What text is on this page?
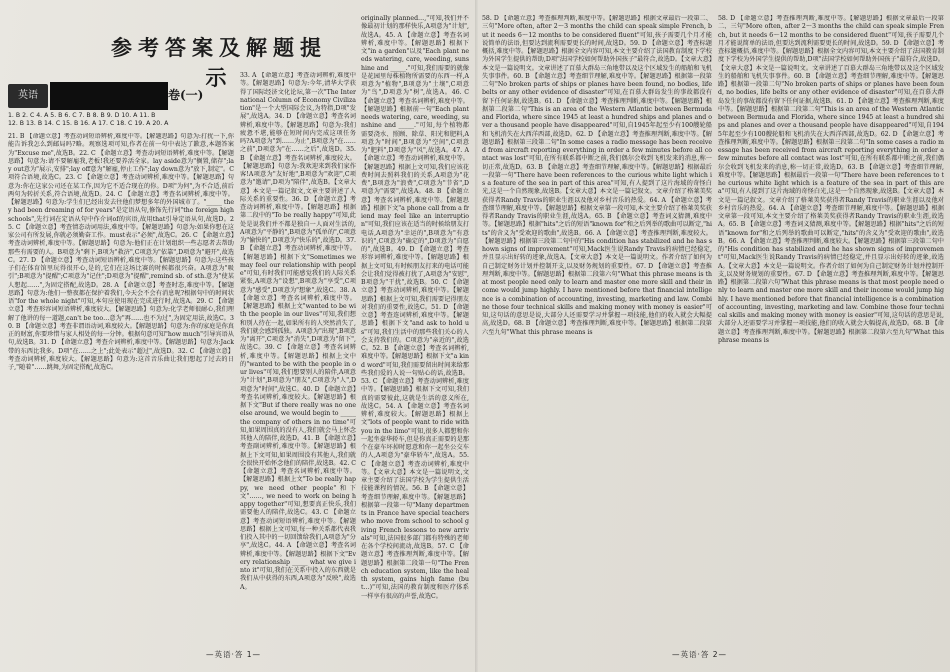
参考答案及解题提示
英语	卷(一)

1. B 2. C 4. A 5. B 6. C 7. B 8. B 9. D 10. A 11. B

12. B 13. B 14. C 15. B 16. A 17. C 18. C 19. A 20. A

21. B 【命题立意】考查动词短语辨析,难度中等。【解题思路】句意为:打扰一下,你能告诉我怎么到邮局吗?略。观察选项可知,作者在前一句中表达了歉意,本题答案为"Excuse me",故选B。22. C 【命题立意】考查动词短语辨析,难度中等。【解题思路】句意为:请不要解雇我,老板!我还要养活全家。lay aside意为"搁置,储存";lay out意为"展示,安排";lay off意为"解雇,停止工作";lay down意为"放下,制定"。C项符合语境,故选C。23. C 【命题立意】考查动词辨析,难度中等。【解题思路】句意为:你在这家公司还在某工作,因为它不适合现在的你。D项"为何",为不合适,前后两句为转折关系,符合语境,故选D。24. C 【命题立意】考查名词辨析,难度中等。【解题思路】句意为:学生们已经出发去往他们梦想多年的外国城市了。"_____ they had been dreaming of for years"是定语从句,修饰先行词"the foreign high schools",先行词在定语从句中作介词of的宾语,故用that引导定语从句,故选D。25. C 【命题立意】考查情态动词用法,难度中等。【解题思路】句意为:如果你想在这家公司有所发展,你就必须勤奋工作。must表示"必须",故选C。26. C 【命题立意】考查动词辨析,难度中等。【解题思路】句意为:他们正在计划组织一些志愿者去帮助那些有需要的人。B项意为"剩下,B项为"救济",C项意为"依靠",D项意为"避开",故选C。27. D 【命题立意】考查动词短语辨析,难度中等。【解题思路】句意为:这些孩子们在体育馆里玩得很开心,是的,它们在这场比赛的时候都很兴奋。A项意为"吸引";B项意为"提醒";C项意为"记住";D项意为"提醒",remind sb. of sth.意为"使某人想起……",为固定搭配,故选D。28. A 【命题立意】考查时态,难度中等。【解题思路】句意为:他们一整夜都在保护着我们,今天会不会有消息呢?根据句中的时间状语"for the whole night"可知,本句应使用现在完成进行时,故选A。29. C 【命题立意】考查形容词短语辨析,难度较大。【解题思路】句意为:化学老师很耐心,我们理解了他讲的每一道题,can't be too…意为"再……也不为过",为固定用法,故选C。30. B 【命题立意】考查非谓语动词,难度较大。【解题思路】句意为:你的家庭是你真正的财富,你要珍惜与家人相处的每一分钟。根据句意可知"how much"引导宾语从句,故选B。31. D 【命题立意】考查介词辨析,难度中等。【解题思路】句意为:Jack带的东西比我多。D项"在……之上";此处表示"超过",故选D。32. C 【命题立意】考查动词辨析,难度较大。【解题思路】句意为:这首音乐曲让我们想起了过去的日子,"随着"……跳舞,为固定搭配,故选C。

33. A 【命题立意】考查动词辨析,难度中等。【解题思路】句意为:今年,清华大学获得了国际经济文化论坛,第一次"The International Column of Economy Civilization"是一个大型国际会议,为特指,D项"发展",故选A。34. D 【命题立意】考查名词辨析,难度中等。【解题思路】句意为:我们疲惫不堪,能够在短时间内完成这项任务吗?A项意为"到……为止",B项意为"在……之前",D项意为"在……之后",故选D。35. B 【命题立意】考查名词辨析,难度较大。【解题思路】句意为:我欢迎来到我们家作客!A项意为"友好地",B项意为"欢迎",C项意为"邀请",D项为"陪伴",故选B。【文章大意】本文是一篇记叙文,文章主要讲述了人际关系的重要性。36. D 【命题立意】考查动词辨析,难度中等。【解题思路】根据第二段中的"To be really happy"可知,此处是说我们并不都是独自一人面对生活的,A项意为"平静的",B项意为"孤单的",C项意为"愉快的",D项意为"快乐的",故选D。37. B 【命题立意】考查动词辨析,难度中等。【解题思路】根据下文"Sometimes we may feel our relationship with people"可知,有时我们可能感觉我们的人际关系紧张,A项意为"设想",B项意为"享受",C项意为"感受",D项意为"想象",故选C。38. A 【命题立意】考查名词辨析,难度中等。【解题思路】根据上文"wanted to be with the people in our lives"可知,我们想和别人待在一起,如果所有的人突然消失了,我们就会感到孤独。A项意为"出现",B项意为"离开",C项意为"消失",D项意为"留下",故选C。39. C 【命题立意】考查名词辨析,难度中等。【解题思路】根据上文中的"wanted to be with the people in our lives"可知,我们想要别人的陪伴,A项意为"计划",B项意为"朋友",C项意为"人",D项意为"时间",故选C。40. D 【命题立意】考查名词辨析,难度较大。【解题思路】根据下文"But if there really was no one else around, we would begin to _____ the company of others in no time"可知,如果周围真的没有人,我们就会马上怀念其他人的陪伴,故选D。41. B 【命题立意】考查副词辨析,难度中等。【解题思路】根据上下文可知,如果周围没有其他人,我们就会很快开始怀念他们的陪伴,故选B。42. C 【命题立意】考查名词辨析,难度中等。【解题思路】根据上文"To be really happy, we need other people"和下文"……, we need to work on being happy together"可知,想要真正快乐,我们需要他人的陪伴,故选C。43. C 【命题立意】考查动词短语辨析,难度中等。【解题思路】根据上文可知,每一种关系都代表我们投入其中的一切回馈给我们,A项意为"分享",故选C。44. A 【命题立意】考查名词辨析,难度中等。【解题思路】根据下文"Every relationship _____ what we give into it"可知,我们在关系中投入的东西就是我们从中获得的东西,A项意为"反映",故选A。

originally planned…,"可知,我们并不像最初计划的那样快乐,A项意为"计划",故选A。45. A 【命题立意】考查名词辨析,难度中等。【解题思路】根据下文"in a garden"以及"Each plant needs watering, care, weeding, sunshine and _____."可知,我们需要的就像是花园里每株植物所需要的东西一样,A项意为"植物",B项意为"土壤",C项意为"鸟",D项意为"树",故选A。46. C 【命题立意】考查名词辨析,难度中等。【解题思路】根据前一句"Each plant needs watering, care, weeding, sunshine and _____."可知,每个植物都需要浇水、照顾、除草、阳光和肥料,A项意为"时间",B项意为"空间",C项意为"肥料",D项意为"风",故选A。47. A 【命题立意】考查动词辨析,难度中等。【解题思路】根据上文可知,我们应该花费时间去照料我们的关系,A项意为"花费",B项意为"浪费",C项意为"节省",D项意为"需要",故选A。48. B 【命题立意】考查名词辨析,难度中等。【解题思路】根据下文"a phone call from a friend may feel like an interruption"可知,我们应该在适当的时候给朋友打电话,A项意为"幸运的",B项意为"有意识的",C项意为"确定的",D项意为"自愿的",故选B。49. D 【命题立意】考查形容词辨析,难度中等。【解题思路】根据上文可知,有时候朋友打来的电话可能会让我们觉得被打扰了,A项意为"安慰",B项意为"干扰",故选B。50. C 【命题立意】考查动词辨析,难度中等。【解题思路】根据上文可知,我们需要记得朋友对我们的重要性,故选C。51. D 【命题立意】考查连词辨析,难度中等。【解题思路】根据下文"and ask to hold us"可知,我们生活中的那些我们关心的人会支持我们的。C项意为"亲近的",故选C。52. B 【命题立意】考查名词辨析,难度中等。【解题思路】根据下文"a kind word"可知,我们需要留出时间来给那些我们爱的人说一句贴心的话,故选B。53. C 【命题立意】考查动词辨析,难度中等。【解题思路】根据下文可知,我们真的需要彼此,这就是生活的意义所在,故选C。54. A 【命题立意】考查名词辨析,难度较大。【解题思路】根据上文"lots of people want to ride with you in the limo"可知,很多人都想和你一起坐豪华轿车,但是你真正需要的是那个在豪车坏掉时愿意和你一起坐公交车的人,A项意为"豪华轿车",故选A。55. C 【命题立意】考查动词辨析,难度中等。【文章大意】本文是一篇说明文,文章主要介绍了法国学校为学生提供生活技能课程的情况。56. B 【命题立意】考查细节理解,难度中等。【解题思路】根据第一段第一句"Many departments in France have special teachers who move from school to school giving French lessons to new arrivals"可知,法国很多部门都有特殊的老师在各个学校间流动,故选B。57. C 【命题立意】考查推理判断,难度中等。【解题思路】根据第二段第一句"The French education system, like the health system, gains high fame (but…)"可知,法国的教育制度和医疗体系一样享有很高的声誉,故选C。

—英语·答 1—

58. D 【命题立意】考查推理判断,难度中等。【解题思路】根据文章最后一段第二、三句"More often, after 2～3 months the child can speak simple French, but it needs 6～12 months to be considered fluent"可知,孩子需要几个月才能说简单的法语,但要达到流利需要更长的时间,故选D。59. D 【命题立意】考查标题概括,难度中等。【解题思路】根据全文内容可知,本文主要介绍了法国教育制度下学校为外国学生提供的帮助,D项"法国学校如何帮助外国孩子"最符合,故选D。【文章大意】本文是一篇说明文。文章讲述了百慕大群岛三角地带以及这个区域发生的船舶和飞机失事事件。60. B 【命题立意】考查细节理解,难度中等。【解题思路】根据第一段第二句"No broken parts of ships or planes have been found, no bodies, life belts or any other evidence of disaster"可知,在百慕大群岛发生的事故都没有留下任何证据,故选B。61. D 【命题立意】考查推理判断,难度中等。【解题思路】根据第二段第二句"This is an area of the Western Atlantic between Bermuda and Florida, where since 1945 at least a hundred ships and planes and over a thousand people have disappeared"可知,自1945年起至少有100艘轮船和飞机消失在大西洋西部,故选D。62. D 【命题立意】考查推理判断,难度中等。【解题思路】根据第三段第二句"In some cases a radio message has been received from aircraft reporting everything in order a few minutes before all contact was lost"可知,在所有联系都中断之前,我们偶尔会收到飞机发来的消息,称一切正常,故选D。63. B 【命题立意】考查细节理解,难度中等。【解题思路】根据最后一段第一句"There have been references to the curious white light which is a feature of the sea in part of this area"可知,有人提到了这片海域的奇怪白光,这是一个自然现象,故选B。【文章大意】本文是一篇记叙文。文章介绍了格莱美奖获得者Randy Travis的职业生涯以及他对乡村音乐的热爱。64. A 【命题立意】考查细节理解,难度中等。【解题思路】根据文章第一段可知,本文主要介绍了格莱美奖获得者Randy Travis的职业生涯,故选A。65. B 【命题立意】考查词义猜测,难度中等。【解题思路】根据"hits"之后的短语"known for"和之后列举的歌曲可以断定,"hits"的含义为"受欢迎的歌曲",故选B。66. A 【命题立意】考查推理判断,难度较大。【解题思路】根据第三段第二句中的"His condition has stabilized and he has shown signs of improvement"可知,Mack医生说Randy Travis的病情已经稳定,并且显示出好转的迹象,故选A。【文章大意】本文是一篇说明文。作者介绍了如何为自己制定财务计划并控制开支,以及财务规划的重要性。67. D 【命题立意】考查推理判断,难度中等。【解题思路】根据第二段第六句"What this phrase means is that most people need only to learn and master one more skill and their income would jump highly. I have mentioned before that financial intelligence is a combination of accounting, investing, marketing and law. Combine those four technical skills and making money with money is easier"可知,这句话的意思是说,大部分人还需要学习并掌握一项技能,他们的收入就会大幅提高,故选D。68. B 【命题立意】考查推理判断,难度中等。【解题思路】根据第二段第六至九句"What this phrase means is

58. D 【命题立意】考查推理判断,难度中等。【解题思路】根据文章最后一段第二、三句"More often, after 2～3 months the child can speak simple French, but it needs 6～12 months to be considered fluent"可知,孩子需要几个月才能说简单的法语,但要达到流利需要更长的时间,故选D。59. D 【命题立意】考查标题概括,难度中等。【解题思路】根据全文内容可知,本文主要介绍了法国教育制度下学校为外国学生提供的帮助,D项"法国学校如何帮助外国孩子"最符合,故选D。【文章大意】本文是一篇说明文。文章讲述了百慕大群岛三角地带以及这个区域发生的船舶和飞机失事事件。60. B 【命题立意】考查细节理解,难度中等。【解题思路】根据第一段第二句"No broken parts of ships or planes have been found, no bodies, life belts or any other evidence of disaster"可知,在百慕大群岛发生的事故都没有留下任何证据,故选B。61. D 【命题立意】考查推理判断,难度中等。【解题思路】根据第二段第二句"This is an area of the Western Atlantic between Bermuda and Florida, where since 1945 at least a hundred ships and planes and over a thousand people have disappeared"可知,自1945年起至少有100艘轮船和飞机消失在大西洋西部,故选D。62. D 【命题立意】考查推理判断,难度中等。【解题思路】根据第三段第二句"In some cases a radio message has been received from aircraft reporting everything in order a few minutes before all contact was lost"可知,在所有联系都中断之前,我们偶尔会收到飞机发来的消息,称一切正常,故选D。63. B 【命题立意】考查细节理解,难度中等。【解题思路】根据最后一段第一句"There have been references to the curious white light which is a feature of the sea in part of this area"可知,有人提到了这片海域的奇怪白光,这是一个自然现象,故选B。【文章大意】本文是一篇记叙文。文章介绍了格莱美奖获得者Randy Travis的职业生涯以及他对乡村音乐的热爱。64. A 【命题立意】考查细节理解,难度中等。【解题思路】根据文章第一段可知,本文主要介绍了格莱美奖获得者Randy Travis的职业生涯,故选A。65. B 【命题立意】考查词义猜测,难度中等。【解题思路】根据"hits"之后的短语"known for"和之后列举的歌曲可以断定,"hits"的含义为"受欢迎的歌曲",故选B。66. A 【命题立意】考查推理判断,难度较大。【解题思路】根据第三段第二句中的"His condition has stabilized and he has shown signs of improvement"可知,Mack医生说Randy Travis的病情已经稳定,并且显示出好转的迹象,故选A。【文章大意】本文是一篇说明文。作者介绍了如何为自己制定财务计划并控制开支,以及财务规划的重要性。67. D 【命题立意】考查推理判断,难度中等。【解题思路】根据第二段第六句"What this phrase means is that most people need only to learn and master one more skill and their income would jump highly. I have mentioned before that financial intelligence is a combination of accounting, investing, marketing and law. Combine those four technical skills and making money with money is easier"可知,这句话的意思是说,大部分人还需要学习并掌握一项技能,他们的收入就会大幅提高,故选D。68. B 【命题立意】考查推理判断,难度中等。【解题思路】根据第二段第六至九句"What this phrase means is

—英语·答 2—
